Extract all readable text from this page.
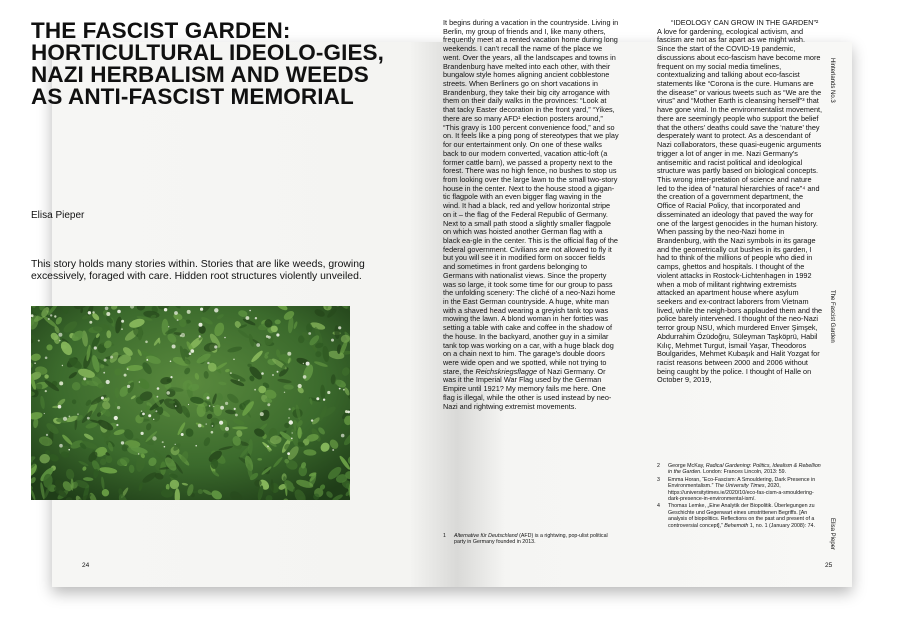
THE FASCIST GARDEN: HORTICULTURAL IDEOLO-GIES, NAZI HERBALISM AND WEEDS AS ANTI-FASCIST MEMORIAL
Elisa Pieper

This story holds many stories within. Stories that are like weeds, growing excessively, foraged with care. Hidden root structures violently unveiled.

24

It begins during a vacation in the countryside. Living in Berlin, my group of friends and I, like many others, frequently meet at a rented vacation home during long weekends. I can't recall the name of the place we went. Over the years, all the landscapes and towns in Brandenburg have melted into each other, with their bungalow style homes aligning ancient cobblestone streets. When Berliners go on short vacations in Brandenburg, they take their big city arrogance with them on their daily walks in the provinces: “Look at that tacky Easter decoration in the front yard,” “Yikes, there are so many AFD¹ election posters around,” “This gravy is 100 percent convenience food,” and so on. It feels like a ping pong of stereotypes that we play for our entertainment only. On one of these walks back to our modern converted, vacation attic-loft (a former cattle barn), we passed a property next to the forest. There was no high fence, no bushes to stop us from looking over the large lawn to the small two-story house in the center. Next to the house stood a gigan-tic flagpole with an even bigger flag waving in the wind. It had a black, red and yellow horizontal stripe on it – the flag of the Federal Republic of Germany. Next to a small path stood a slightly smaller flagpole on which was hoisted another German flag with a black ea-gle in the center. This is the official flag of the federal government. Civilians are not allowed to fly it but you will see it in modified form on soccer fields and sometimes in front gardens belonging to Germans with nationalist views. Since the property was so large, it took some time for our group to pass the unfolding scenery: The cliché of a neo-Nazi home in the East German countryside. A huge, white man with a shaved head wearing a greyish tank top was mowing the lawn. A blond woman in her forties was setting a table with cake and coffee in the shadow of the house. In the backyard, another guy in a similar tank top was working on a car, with a huge black dog on a chain next to him. The garage's double doors were wide open and we spotted, while not trying to stare, the Reichskriegsflagge of Nazi Germany. Or was it the Imperial War Flag used by the German Empire until 1921? My memory fails me here. One flag is illegal, while the other is used instead by neo-Nazi and rightwing extremist movements.

“IDEOLOGY CAN GROW IN THE GARDEN”²

A love for gardening, ecological activism, and fascism are not as far apart as we might wish. Since the start of the COVID-19 pandemic, discussions about eco-fascism have become more frequent on my social media timelines, contextualizing and talking about eco-fascist statements like “Corona is the cure. Humans are the disease” or various tweets such as “We are the virus” and “Mother Earth is cleansing herself”³ that have gone viral. In the environmentalist movement, there are seemingly people who support the belief that the others' deaths could save the ‘nature’ they desperately want to protect. As a descendant of Nazi collaborators, these quasi-eugenic arguments trigger a lot of anger in me. Nazi Germany's antisemitic and racist political and ideological structure was partly based on biological concepts. This wrong inter-pretation of science and nature led to the idea of “natural hierarchies of race”⁴ and the creation of a government department, the Office of Racial Policy, that incorporated and disseminated an ideology that paved the way for one of the largest genocides in the human history. When passing by the neo-Nazi home in Brandenburg, with the Nazi symbols in its garage and the geometrically cut bushes in its garden, I had to think of the millions of people who died in camps, ghettos and hospitals. I thought of the violent attacks in Rostock-Lichtenhagen in 1992 when a mob of militant rightwing extremists attacked an apartment house where asylum seekers and ex-contract laborers from Vietnam lived, while the neigh-bors applauded them and the police barely intervened. I thought of the neo-Nazi terror group NSU, which murdered Enver Şimşek, Abdurrahim Özüdoğru, Süleyman Taşköprü, Habil Kılıç, Mehmet Turgut, İsmail Yaşar, Theodoros Boulgarides, Mehmet Kubaşık and Halit Yozgat for racist reasons between 2000 and 2006 without being caught by the police. I thought of Halle on October 9, 2019,

1	Alternative für Deutschland (AFD) is a rightwing, pop-ulist political party in Germany founded in 2013.
2	George McKay, Radical Gardening: Politics, Idealism & Rebellion in the Garden. London: Frances Lincoln, 2013: 59.
3	Emma Horan, “Eco-Fascism: A Smouldering, Dark Presence in Environmentalism.” The University Times, 2020, https://universitytimes.ie/2020/10/eco-fas-cism-a-smouldering-dark-presence-in-environmental-ism/.
4	Thomas Lemke, „Eine Analytik der Biopolitik. Überlegungen zu Geschichte und Gegenwart eines umstrittenen Begriffs. [An analysis of biopolitics. Reflections on the past and present of a controversial concept],” Behemoth 1, no. 1 (January 2008): 74.
25
Hinterlands No.3
The Fascist Garden
Elisa Pieper
